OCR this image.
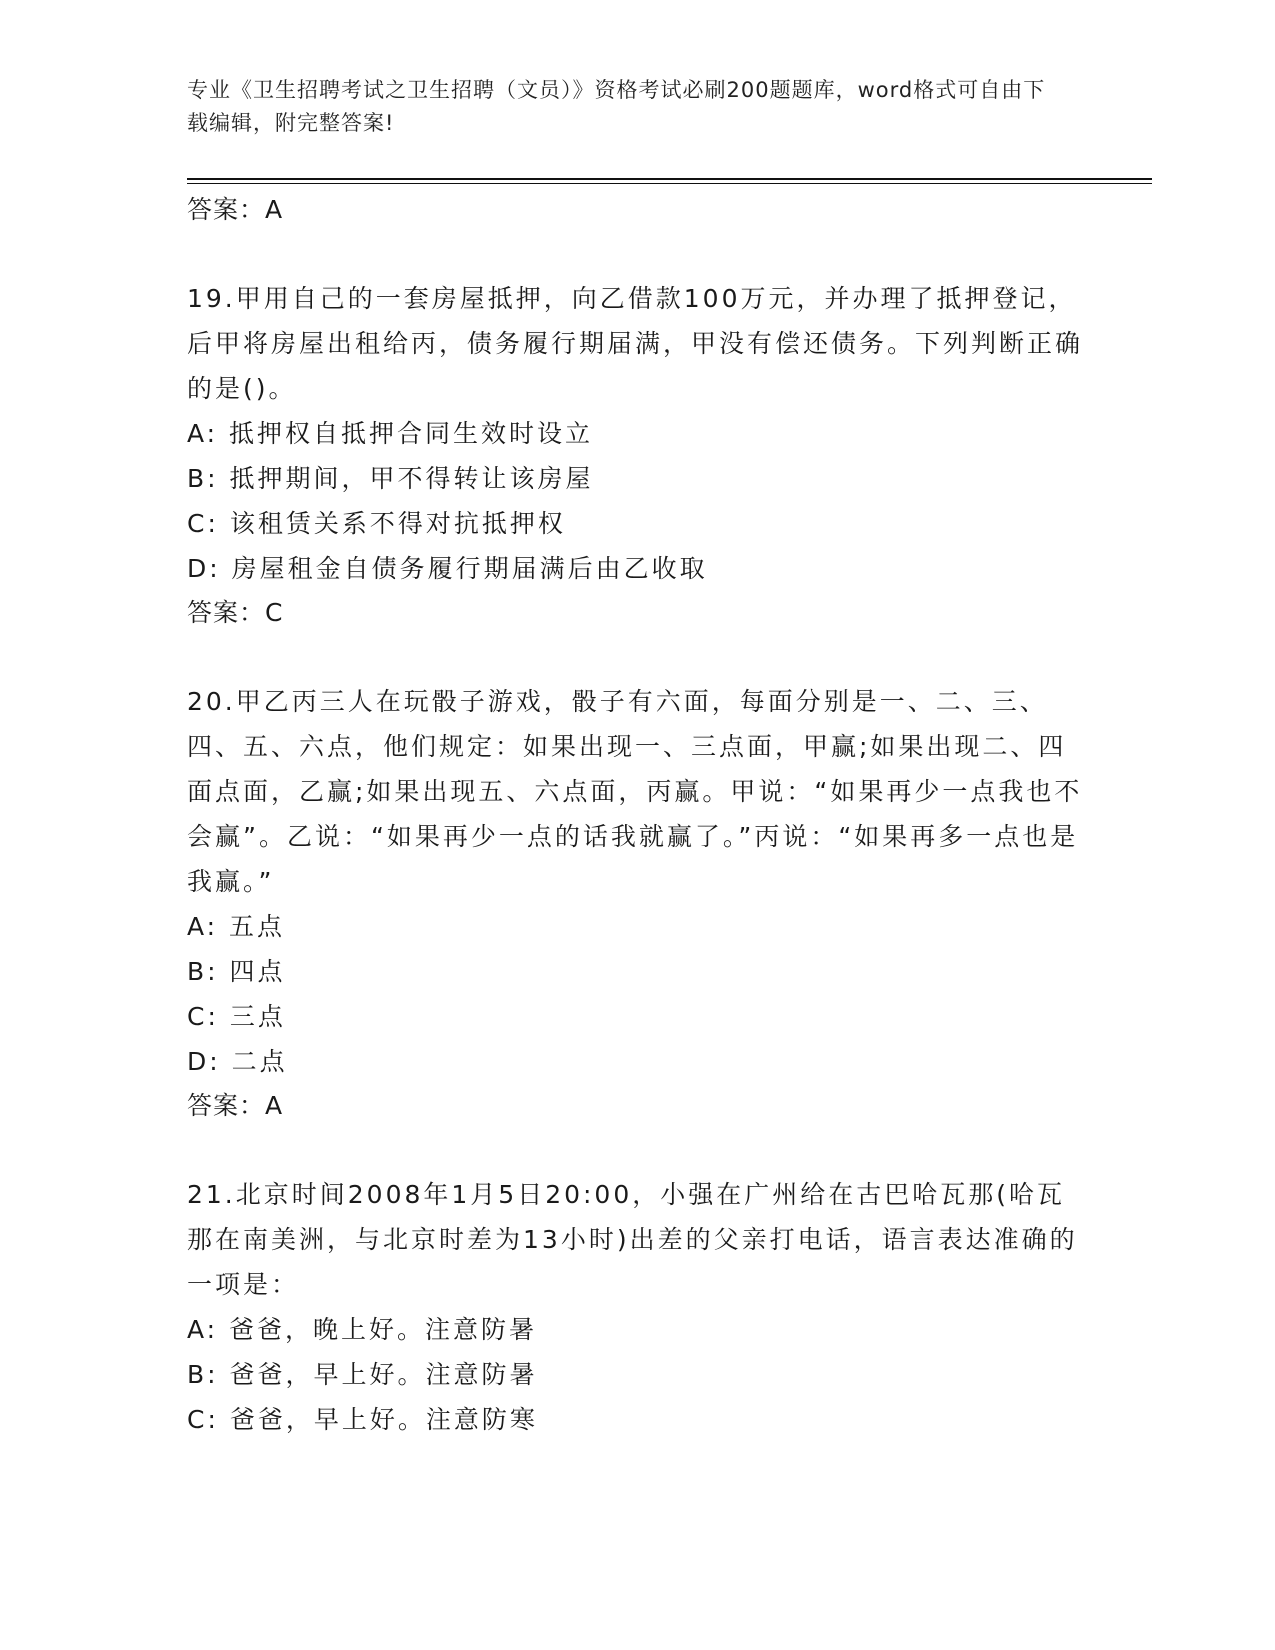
专业《卫生招聘考试之卫生招聘（文员）》资格考试必刷200题题库，word格式可自由下载编辑，附完整答案!
答案：A
19.甲用自己的一套房屋抵押，向乙借款100万元，并办理了抵押登记，后甲将房屋出租给丙，债务履行期届满，甲没有偿还债务。下列判断正确的是()。
A: 抵押权自抵押合同生效时设立
B: 抵押期间，甲不得转让该房屋
C: 该租赁关系不得对抗抵押权
D: 房屋租金自债务履行期届满后由乙收取
答案：C
20.甲乙丙三人在玩骰子游戏，骰子有六面，每面分别是一、二、三、四、五、六点，他们规定：如果出现一、三点面，甲赢;如果出现二、四面点面，乙赢;如果出现五、六点面，丙赢。甲说：“如果再少一点我也不会赢”。乙说：“如果再少一点的话我就赢了。”丙说：“如果再多一点也是我赢。”
A: 五点
B: 四点
C: 三点
D: 二点
答案：A
21.北京时间2008年1月5日20:00，小强在广州给在古巴哈瓦那(哈瓦那在南美洲，与北京时差为13小时)出差的父亲打电话，语言表达准确的一项是：
A: 爸爸，晚上好。注意防暑
B: 爸爸，早上好。注意防暑
C: 爸爸，早上好。注意防寒
